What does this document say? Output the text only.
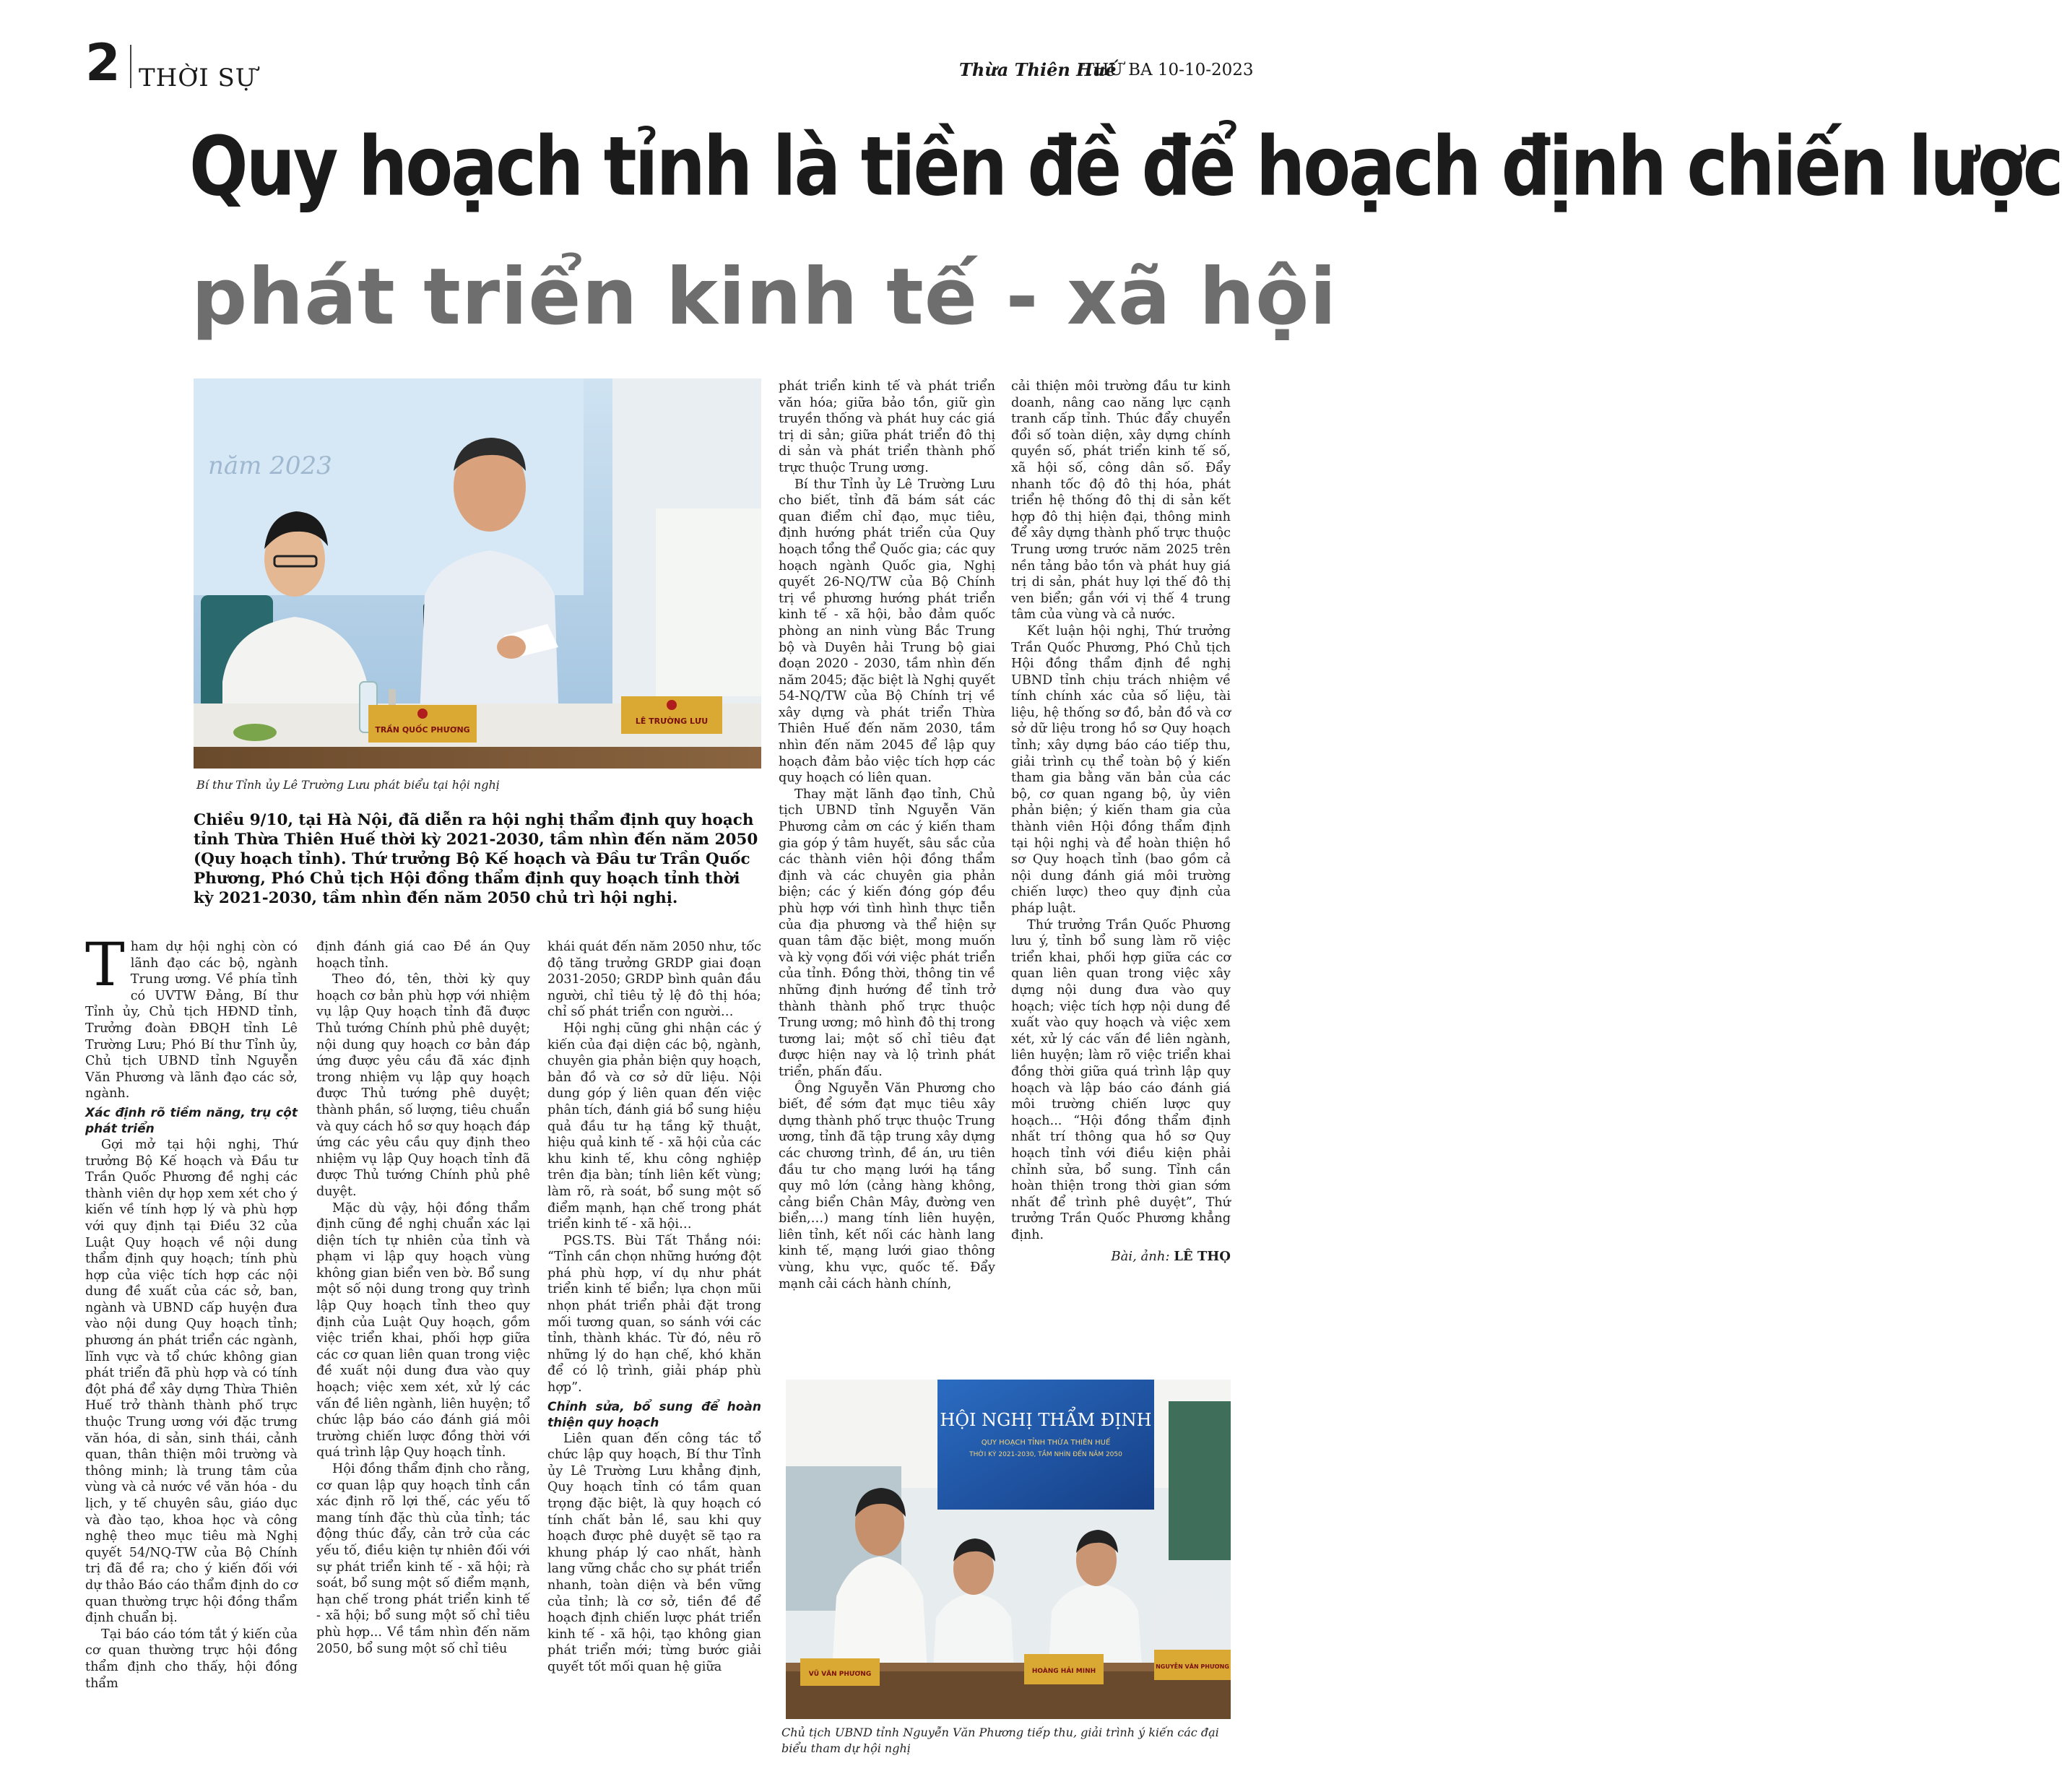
2 THỜI SỰ	Thừa Thiên Huế
THỨ BA 10-10-2023
Quy hoạch tỉnh là tiền đề để hoạch định chiến lược
phát triển kinh tế - xã hội
năm 2023
TRẦN QUỐC PHƯƠNG
LÊ TRƯỜNG LƯU
Bí thư Tỉnh ủy Lê Trường Lưu phát biểu tại hội nghị
Chiều 9/10, tại Hà Nội, đã diễn ra hội nghị thẩm định quy hoạch tỉnh Thừa Thiên Huế thời kỳ 2021-2030, tầm nhìn đến năm 2050 (Quy hoạch tỉnh). Thứ trưởng Bộ Kế hoạch và Đầu tư Trần Quốc Phương, Phó Chủ tịch Hội đồng thẩm định quy hoạch tỉnh thời kỳ 2021-2030, tầm nhìn đến năm 2050 chủ trì hội nghị.
T ham dự hội nghị còn có lãnh đạo các bộ, ngành Trung ương. Về phía tỉnh có UVTW Đảng, Bí thư Tỉnh ủy, Chủ tịch HĐND tỉnh, Trưởng đoàn ĐBQH tỉnh Lê Trường Lưu; Phó Bí thư Tỉnh ủy, Chủ tịch UBND tỉnh Nguyễn Văn Phương và lãnh đạo các sở, ngành.

Xác định rõ tiềm năng, trụ cột phát triển

Gợi mở tại hội nghị, Thứ trưởng Bộ Kế hoạch và Đầu tư Trần Quốc Phương đề nghị các thành viên dự họp xem xét cho ý kiến về tính hợp lý và phù hợp với quy định tại Điều 32 của Luật Quy hoạch về nội dung thẩm định quy hoạch; tính phù hợp của việc tích hợp các nội dung đề xuất của các sở, ban, ngành và UBND cấp huyện đưa vào nội dung Quy hoạch tỉnh; phương án phát triển các ngành, lĩnh vực và tổ chức không gian phát triển đã phù hợp và có tính đột phá để xây dựng Thừa Thiên Huế trở thành thành phố trực thuộc Trung ương với đặc trưng văn hóa, di sản, sinh thái, cảnh quan, thân thiện môi trường và thông minh; là trung tâm của vùng và cả nước về văn hóa - du lịch, y tế chuyên sâu, giáo dục và đào tạo, khoa học và công nghệ theo mục tiêu mà Nghị quyết 54/NQ-TW của Bộ Chính trị đã đề ra; cho ý kiến đối với dự thảo Báo cáo thẩm định do cơ quan thường trực hội đồng thẩm định chuẩn bị.

Tại báo cáo tóm tắt ý kiến của cơ quan thường trực hội đồng thẩm định cho thấy, hội đồng thẩm

định đánh giá cao Đề án Quy hoạch tỉnh.

Theo đó, tên, thời kỳ quy hoạch cơ bản phù hợp với nhiệm vụ lập Quy hoạch tỉnh đã được Thủ tướng Chính phủ phê duyệt; nội dung quy hoạch cơ bản đáp ứng được yêu cầu đã xác định trong nhiệm vụ lập quy hoạch được Thủ tướng phê duyệt; thành phần, số lượng, tiêu chuẩn và quy cách hồ sơ quy hoạch đáp ứng các yêu cầu quy định theo nhiệm vụ lập Quy hoạch tỉnh đã được Thủ tướng Chính phủ phê duyệt.

Mặc dù vậy, hội đồng thẩm định cũng đề nghị chuẩn xác lại diện tích tự nhiên của tỉnh và phạm vi lập quy hoạch vùng không gian biển ven bờ. Bổ sung một số nội dung trong quy trình lập Quy hoạch tỉnh theo quy định của Luật Quy hoạch, gồm việc triển khai, phối hợp giữa các cơ quan liên quan trong việc đề xuất nội dung đưa vào quy hoạch; việc xem xét, xử lý các vấn đề liên ngành, liên huyện; tổ chức lập báo cáo đánh giá môi trường chiến lược đồng thời với quá trình lập Quy hoạch tỉnh.

Hội đồng thẩm định cho rằng, cơ quan lập quy hoạch tỉnh cần xác định rõ lợi thế, các yếu tố mang tính đặc thù của tỉnh; tác động thúc đẩy, cản trở của các yếu tố, điều kiện tự nhiên đối với sự phát triển kinh tế - xã hội; rà soát, bổ sung một số điểm mạnh, hạn chế trong phát triển kinh tế - xã hội; bổ sung một số chỉ tiêu phù hợp... Về tầm nhìn đến năm 2050, bổ sung một số chỉ tiêu

khái quát đến năm 2050 như, tốc độ tăng trưởng GRDP giai đoạn 2031-2050; GRDP bình quân đầu người, chỉ tiêu tỷ lệ đô thị hóa; chỉ số phát triển con người…

Hội nghị cũng ghi nhận các ý kiến của đại diện các bộ, ngành, chuyên gia phản biện quy hoạch, bản đồ và cơ sở dữ liệu. Nội dung góp ý liên quan đến việc phân tích, đánh giá bổ sung hiệu quả đầu tư hạ tầng kỹ thuật, hiệu quả kinh tế - xã hội của các khu kinh tế, khu công nghiệp trên địa bàn; tính liên kết vùng; làm rõ, rà soát, bổ sung một số điểm mạnh, hạn chế trong phát triển kinh tế - xã hội…

PGS.TS. Bùi Tất Thắng nói: “Tỉnh cần chọn những hướng đột phá phù hợp, ví dụ như phát triển kinh tế biển; lựa chọn mũi nhọn phát triển phải đặt trong mối tương quan, so sánh với các tỉnh, thành khác. Từ đó, nêu rõ những lý do hạn chế, khó khăn để có lộ trình, giải pháp phù hợp”.

Chỉnh sửa, bổ sung để hoàn thiện quy hoạch

Liên quan đến công tác tổ chức lập quy hoạch, Bí thư Tỉnh ủy Lê Trường Lưu khẳng định, Quy hoạch tỉnh có tầm quan trọng đặc biệt, là quy hoạch có tính chất bản lề, sau khi quy hoạch được phê duyệt sẽ tạo ra khung pháp lý cao nhất, hành lang vững chắc cho sự phát triển nhanh, toàn diện và bền vững của tỉnh; là cơ sở, tiền đề để hoạch định chiến lược phát triển kinh tế - xã hội, tạo không gian phát triển mới; từng bước giải quyết tốt mối quan hệ giữa

phát triển kinh tế và phát triển văn hóa; giữa bảo tồn, giữ gìn truyền thống và phát huy các giá trị di sản; giữa phát triển đô thị di sản và phát triển thành phố trực thuộc Trung ương.

Bí thư Tỉnh ủy Lê Trường Lưu cho biết, tỉnh đã bám sát các quan điểm chỉ đạo, mục tiêu, định hướng phát triển của Quy hoạch tổng thể Quốc gia; các quy hoạch ngành Quốc gia, Nghị quyết 26-NQ/TW của Bộ Chính trị về phương hướng phát triển kinh tế - xã hội, bảo đảm quốc phòng an ninh vùng Bắc Trung bộ và Duyên hải Trung bộ giai đoạn 2020 - 2030, tầm nhìn đến năm 2045; đặc biệt là Nghị quyết 54-NQ/TW của Bộ Chính trị về xây dựng và phát triển Thừa Thiên Huế đến năm 2030, tầm nhìn đến năm 2045 để lập quy hoạch đảm bảo việc tích hợp các quy hoạch có liên quan.

Thay mặt lãnh đạo tỉnh, Chủ tịch UBND tỉnh Nguyễn Văn Phương cảm ơn các ý kiến tham gia góp ý tâm huyết, sâu sắc của các thành viên hội đồng thẩm định và các chuyên gia phản biện; các ý kiến đóng góp đều phù hợp với tình hình thực tiễn của địa phương và thể hiện sự quan tâm đặc biệt, mong muốn và kỳ vọng đối với việc phát triển của tỉnh. Đồng thời, thông tin về những định hướng để tỉnh trở thành thành phố trực thuộc Trung ương; mô hình đô thị trong tương lai; một số chỉ tiêu đạt được hiện nay và lộ trình phát triển, phấn đấu.

Ông Nguyễn Văn Phương cho biết, để sớm đạt mục tiêu xây dựng thành phố trực thuộc Trung ương, tỉnh đã tập trung xây dựng các chương trình, đề án, ưu tiên đầu tư cho mạng lưới hạ tầng quy mô lớn (cảng hàng không, cảng biển Chân Mây, đường ven biển,…) mang tính liên huyện, liên tỉnh, kết nối các hành lang kinh tế, mạng lưới giao thông vùng, khu vực, quốc tế. Đẩy mạnh cải cách hành chính,

cải thiện môi trường đầu tư kinh doanh, nâng cao năng lực cạnh tranh cấp tỉnh. Thúc đẩy chuyển đổi số toàn diện, xây dựng chính quyền số, phát triển kinh tế số, xã hội số, công dân số. Đẩy nhanh tốc độ đô thị hóa, phát triển hệ thống đô thị di sản kết hợp đô thị hiện đại, thông minh để xây dựng thành phố trực thuộc Trung ương trước năm 2025 trên nền tảng bảo tồn và phát huy giá trị di sản, phát huy lợi thế đô thị ven biển; gắn với vị thế 4 trung tâm của vùng và cả nước.

Kết luận hội nghị, Thứ trưởng Trần Quốc Phương, Phó Chủ tịch Hội đồng thẩm định đề nghị UBND tỉnh chịu trách nhiệm về tính chính xác của số liệu, tài liệu, hệ thống sơ đồ, bản đồ và cơ sở dữ liệu trong hồ sơ Quy hoạch tỉnh; xây dựng báo cáo tiếp thu, giải trình cụ thể toàn bộ ý kiến tham gia bằng văn bản của các bộ, cơ quan ngang bộ, ủy viên phản biện; ý kiến tham gia của thành viên Hội đồng thẩm định tại hội nghị và để hoàn thiện hồ sơ Quy hoạch tỉnh (bao gồm cả nội dung đánh giá môi trường chiến lược) theo quy định của pháp luật.

Thứ trưởng Trần Quốc Phương lưu ý, tỉnh bổ sung làm rõ việc triển khai, phối hợp giữa các cơ quan liên quan trong việc xây dựng nội dung đưa vào quy hoạch; việc tích hợp nội dung đề xuất vào quy hoạch và việc xem xét, xử lý các vấn đề liên ngành, liên huyện; làm rõ việc triển khai đồng thời giữa quá trình lập quy hoạch và lập báo cáo đánh giá môi trường chiến lược quy hoạch... “Hội đồng thẩm định nhất trí thông qua hồ sơ Quy hoạch tỉnh với điều kiện phải chỉnh sửa, bổ sung. Tỉnh cần hoàn thiện trong thời gian sớm nhất để trình phê duyệt”, Thứ trưởng Trần Quốc Phương khẳng định.

Bài, ảnh: LÊ THỌ
HỘI NGHỊ THẨM ĐỊNH
QUY HOẠCH TỈNH THỪA THIÊN HUẾ
THỜI KỲ 2021-2030, TẦM NHÌN ĐẾN NĂM 2050
HOÀNG HẢI MINH
NGUYỄN VĂN PHƯƠNG
VŨ VĂN PHƯƠNG
Chủ tịch UBND tỉnh Nguyễn Văn Phương tiếp thu, giải trình ý kiến các đại biểu tham dự hội nghị
